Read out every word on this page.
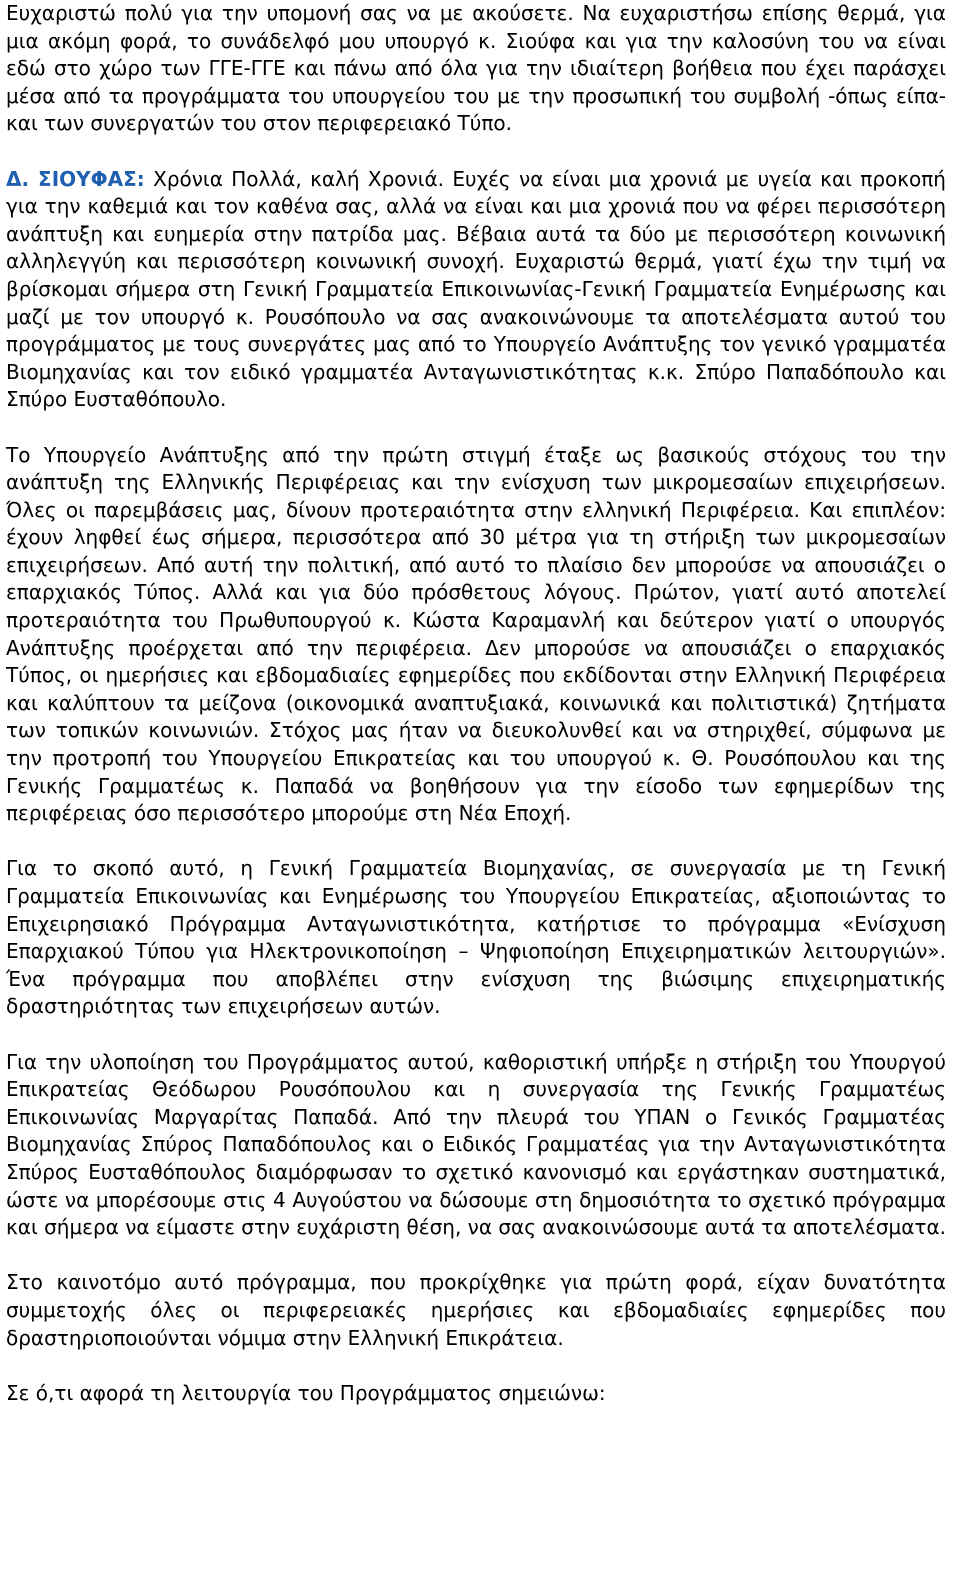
Ευχαριστώ πολύ για την υπομονή σας να με ακούσετε. Να ευχαριστήσω επίσης θερμά, για μια ακόμη φορά, το συνάδελφό μου υπουργό κ. Σιούφα και για την καλοσύνη του να είναι εδώ στο χώρο των ΓΓΕ-ΓΓΕ και πάνω από όλα για την ιδιαίτερη βοήθεια που έχει παράσχει μέσα από τα προγράμματα του υπουργείου του με την προσωπική του συμβολή -όπως είπα- και των συνεργατών του στον περιφερειακό Τύπο.

Δ. ΣΙΟΥΦΑΣ: Χρόνια Πολλά, καλή Χρονιά. Ευχές να είναι μια χρονιά με υγεία και προκοπή για την καθεμιά και τον καθένα σας, αλλά να είναι και μια χρονιά που να φέρει περισσότερη ανάπτυξη και ευημερία στην πατρίδα μας. Βέβαια αυτά τα δύο με περισσότερη κοινωνική αλληλεγγύη και περισσότερη κοινωνική συνοχή. Ευχαριστώ θερμά, γιατί έχω την τιμή να βρίσκομαι σήμερα στη Γενική Γραμματεία Επικοινωνίας-Γενική Γραμματεία Ενημέρωσης και μαζί με τον υπουργό κ. Ρουσόπουλο να σας ανακοινώνουμε τα αποτελέσματα αυτού του προγράμματος με τους συνεργάτες μας από το Υπουργείο Ανάπτυξης τον γενικό γραμματέα Βιομηχανίας και τον ειδικό γραμματέα Ανταγωνιστικότητας κ.κ. Σπύρο Παπαδόπουλο και Σπύρο Ευσταθόπουλο.

Το Υπουργείο Ανάπτυξης από την πρώτη στιγμή έταξε ως βασικούς στόχους του την ανάπτυξη της Ελληνικής Περιφέρειας και την ενίσχυση των μικρομεσαίων επιχειρήσεων. Όλες οι παρεμβάσεις μας, δίνουν προτεραιότητα στην ελληνική Περιφέρεια. Και επιπλέον: έχουν ληφθεί έως σήμερα, περισσότερα από 30 μέτρα για τη στήριξη των μικρομεσαίων επιχειρήσεων. Από αυτή την πολιτική, από αυτό το πλαίσιο δεν μπορούσε να απουσιάζει ο επαρχιακός Τύπος. Αλλά και για δύο πρόσθετους λόγους. Πρώτον, γιατί αυτό αποτελεί προτεραιότητα του Πρωθυπουργού κ. Κώστα Καραμανλή και δεύτερον γιατί ο υπουργός Ανάπτυξης προέρχεται από την περιφέρεια. Δεν μπορούσε να απουσιάζει ο επαρχιακός Τύπος, οι ημερήσιες και εβδομαδιαίες εφημερίδες που εκδίδονται στην Ελληνική Περιφέρεια και καλύπτουν τα μείζονα (οικονομικά αναπτυξιακά, κοινωνικά και πολιτιστικά) ζητήματα των τοπικών κοινωνιών. Στόχος μας ήταν να διευκολυνθεί και να στηριχθεί, σύμφωνα με την προτροπή του Υπουργείου Επικρατείας και του υπουργού κ. Θ. Ρουσόπουλου και της Γενικής Γραμματέως κ. Παπαδά να βοηθήσουν για την είσοδο των εφημερίδων της περιφέρειας όσο περισσότερο μπορούμε στη Νέα Εποχή.

Για το σκοπό αυτό, η Γενική Γραμματεία Βιομηχανίας, σε συνεργασία με τη Γενική Γραμματεία Επικοινωνίας και Ενημέρωσης του Υπουργείου Επικρατείας, αξιοποιώντας το Επιχειρησιακό Πρόγραμμα Ανταγωνιστικότητα, κατήρτισε το πρόγραμμα «Ενίσχυση Επαρχιακού Τύπου για Ηλεκτρονικοποίηση – Ψηφιοποίηση Επιχειρηματικών λειτουργιών». Ένα πρόγραμμα που αποβλέπει στην ενίσχυση της βιώσιμης επιχειρηματικής δραστηριότητας των επιχειρήσεων αυτών.

Για την υλοποίηση του Προγράμματος αυτού, καθοριστική υπήρξε η στήριξη του Υπουργού Επικρατείας Θεόδωρου Ρουσόπουλου και η συνεργασία της Γενικής Γραμματέως Επικοινωνίας Μαργαρίτας Παπαδά. Από την πλευρά του ΥΠΑΝ ο Γενικός Γραμματέας Βιομηχανίας Σπύρος Παπαδόπουλος και ο Ειδικός Γραμματέας για την Ανταγωνιστικότητα Σπύρος Ευσταθόπουλος διαμόρφωσαν το σχετικό κανονισμό και εργάστηκαν συστηματικά, ώστε να μπορέσουμε στις 4 Αυγούστου να δώσουμε στη δημοσιότητα το σχετικό πρόγραμμα και σήμερα να είμαστε στην ευχάριστη θέση, να σας ανακοινώσουμε αυτά τα αποτελέσματα.

Στο καινοτόμο αυτό πρόγραμμα, που προκρίχθηκε για πρώτη φορά, είχαν δυνατότητα συμμετοχής όλες οι περιφερειακές ημερήσιες και εβδομαδιαίες εφημερίδες που δραστηριοποιούνται νόμιμα στην Ελληνική Επικράτεια.

Σε ό,τι αφορά τη λειτουργία του Προγράμματος σημειώνω:
